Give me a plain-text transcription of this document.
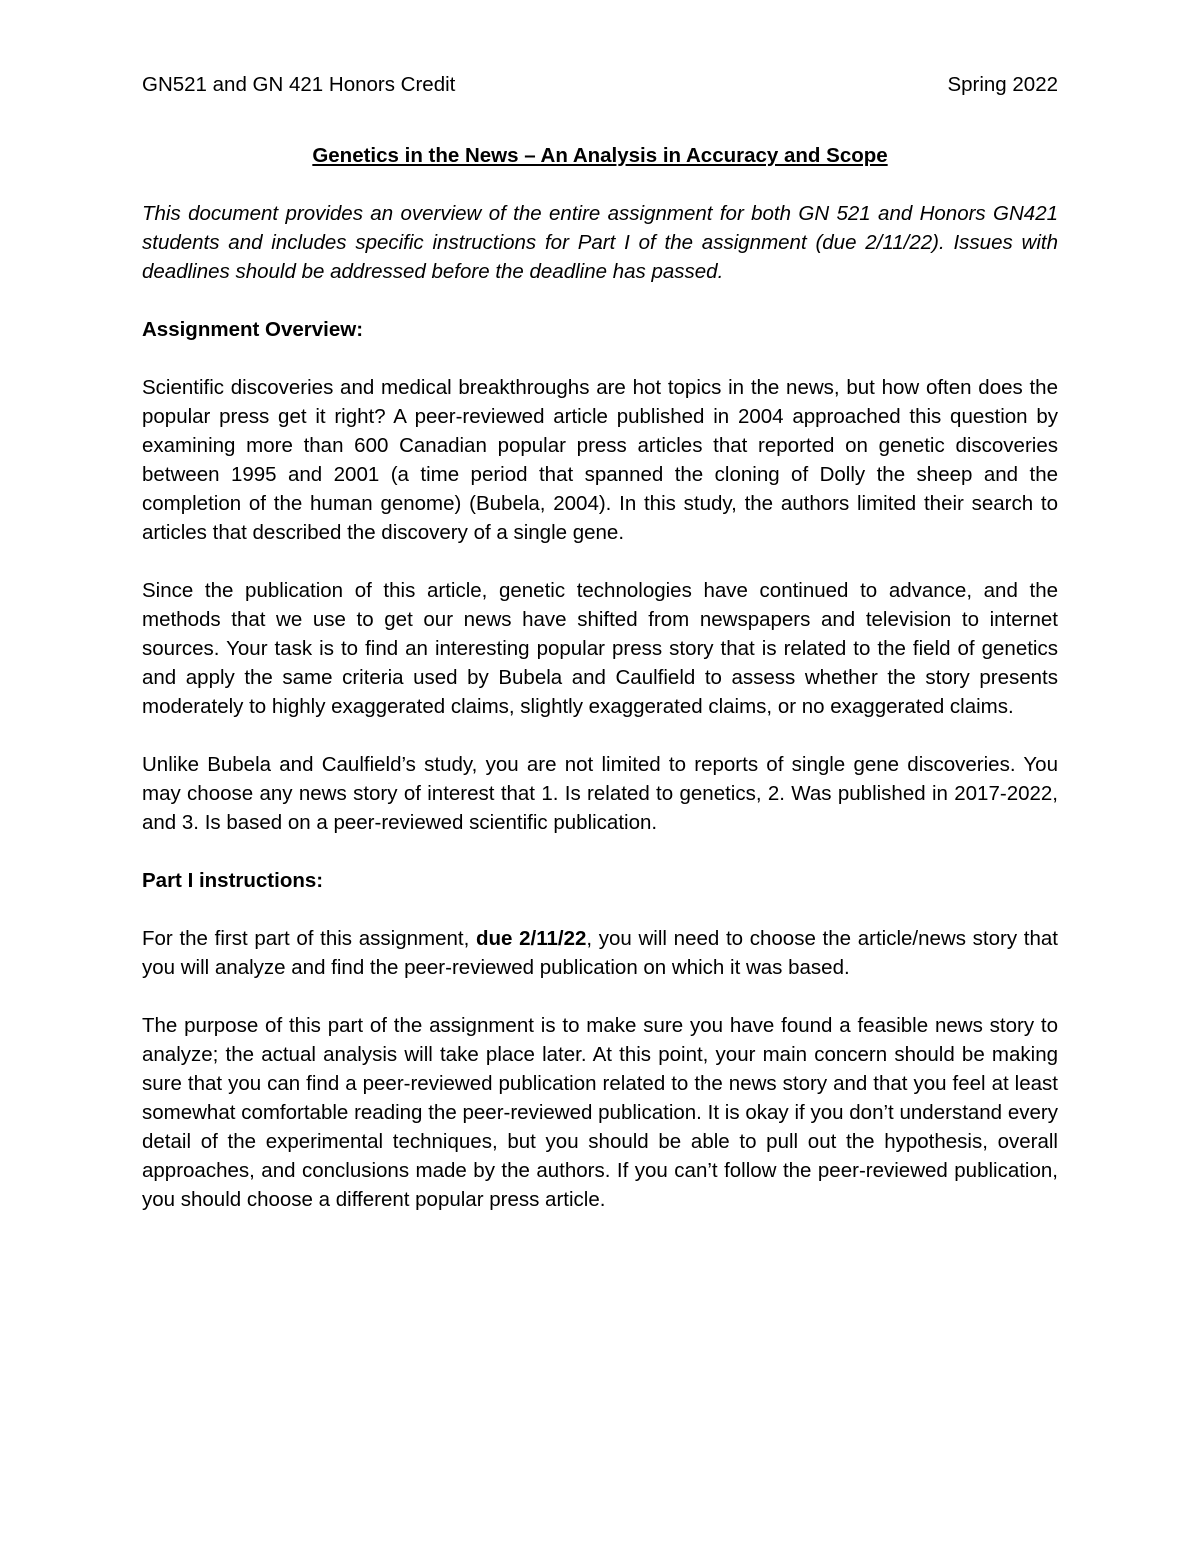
GN521 and GN 421 Honors Credit	Spring 2022
Genetics in the News – An Analysis in Accuracy and Scope
This document provides an overview of the entire assignment for both GN 521 and Honors GN421 students and includes specific instructions for Part I of the assignment (due 2/11/22). Issues with deadlines should be addressed before the deadline has passed.
Assignment Overview:

Scientific discoveries and medical breakthroughs are hot topics in the news, but how often does the popular press get it right? A peer-reviewed article published in 2004 approached this question by examining more than 600 Canadian popular press articles that reported on genetic discoveries between 1995 and 2001 (a time period that spanned the cloning of Dolly the sheep and the completion of the human genome) (Bubela, 2004). In this study, the authors limited their search to articles that described the discovery of a single gene.

Since the publication of this article, genetic technologies have continued to advance, and the methods that we use to get our news have shifted from newspapers and television to internet sources. Your task is to find an interesting popular press story that is related to the field of genetics and apply the same criteria used by Bubela and Caulfield to assess whether the story presents moderately to highly exaggerated claims, slightly exaggerated claims, or no exaggerated claims.

Unlike Bubela and Caulfield’s study, you are not limited to reports of single gene discoveries. You may choose any news story of interest that 1. Is related to genetics, 2. Was published in 2017-2022, and 3. Is based on a peer-reviewed scientific publication.

Part I instructions:

For the first part of this assignment, due 2/11/22, you will need to choose the article/news story that you will analyze and find the peer-reviewed publication on which it was based.

The purpose of this part of the assignment is to make sure you have found a feasible news story to analyze; the actual analysis will take place later. At this point, your main concern should be making sure that you can find a peer-reviewed publication related to the news story and that you feel at least somewhat comfortable reading the peer-reviewed publication. It is okay if you don’t understand every detail of the experimental techniques, but you should be able to pull out the hypothesis, overall approaches, and conclusions made by the authors. If you can’t follow the peer-reviewed publication, you should choose a different popular press article.
